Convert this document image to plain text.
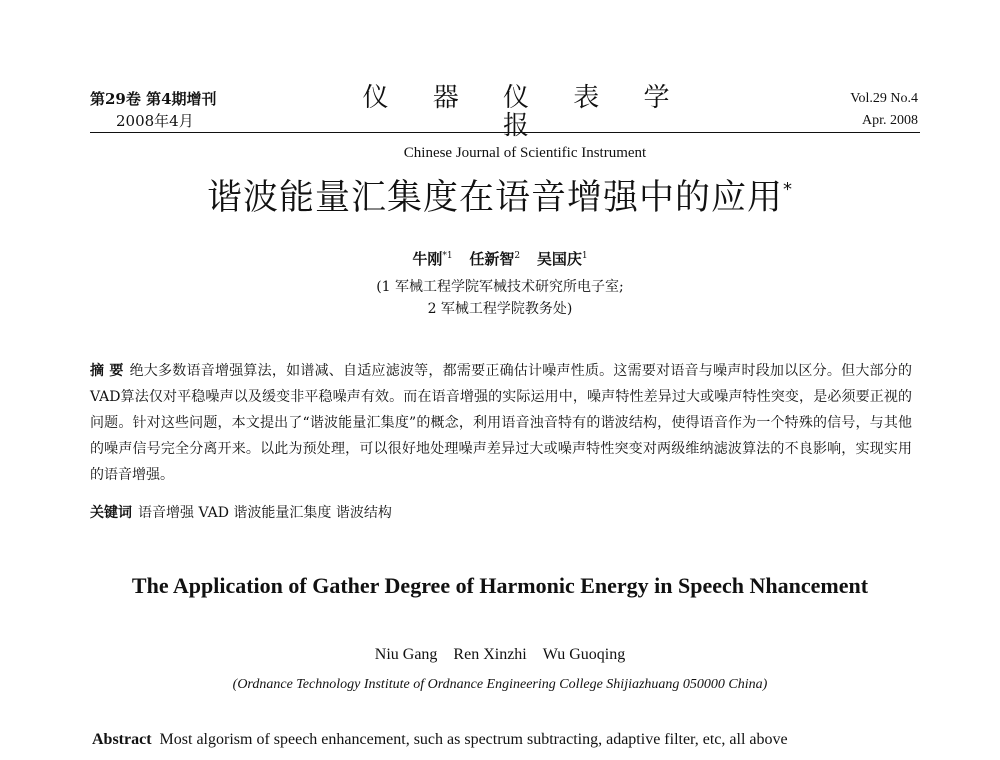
第29卷 第4期增刊
2008年4月
仪 器 仪 表 学 报
Chinese Journal of Scientific Instrument
Vol.29 No.4
Apr. 2008
谐波能量汇集度在语音增强中的应用*
牛刚$^{*1}$ 任新智$^2$ 吴国庆$^1$
(1 军械工程学院军械技术研究所电子室;
2 军械工程学院教务处)
摘 要 绝大多数语音增强算法，如谱减、自适应滤波等，都需要正确估计噪声性质。这需要对语音与噪声时段加以区分。但大部分的VAD算法仅对平稳噪声以及缓变非平稳噪声有效。而在语音增强的实际运用中，噪声特性差异过大或噪声特性突变，是必须要正视的问题。针对这些问题，本文提出了“谐波能量汇集度”的概念，利用语音浊音特有的谐波结构，使得语音作为一个特殊的信号，与其他的噪声信号完全分离开来。以此为预处理，可以很好地处理噪声差异过大或噪声特性突变对两级维纳滤波算法的不良影响，实现实用的语音增强。
关键词 语音增强 VAD 谐波能量汇集度 谐波结构
The Application of Gather Degree of Harmonic Energy in Speech Nhancement
Niu Gang Ren Xinzhi Wu Guoqing
(Ordnance Technology Institute of Ordnance Engineering College Shijiazhuang 050000 China)
Abstract Most algorism of speech enhancement, such as spectrum subtracting, adaptive filter, etc, all above
